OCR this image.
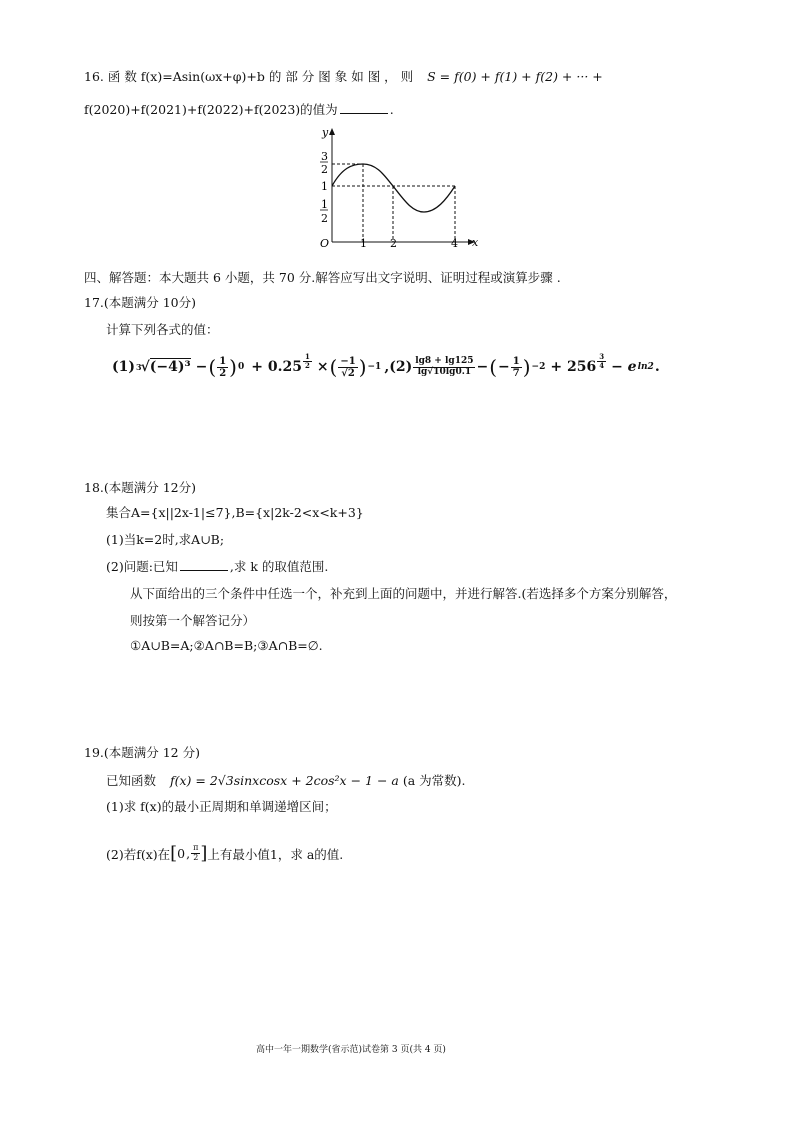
16. 函 数 f(x)=Asin(ωx+φ)+b 的 部 分 图 象 如 图 ， 则 S = f(0) + f(1) + f(2) + ··· +
f(2020)+f(2021)+f(2022)+f(2023)的值为	.
y
x
O
3
2
1
1
2
1 2	4
四、解答题：本大题共 6 小题，共 70 分.解答应写出文字说明、证明过程或演算步骤 .
17.(本题满分 10分)
计算下列各式的值：
(1) 3 √(−4)³ − ( $\frac{1}{2}$ ) $0 + 0.25 \frac{1}{2}$ × ( $\frac{-1}{√2}$ ) −1 $,(2) \frac{\lg 8 + \lg 125}{\lg√10\lg 0.1}$ − ( − $\frac{1}{7}$ ) $-2 + 256 \frac{3}{4} - e$ ln2 .
18.(本题满分 12分)
集合A={x||2x-1|≤7},B={x|2k-2<x<k+3}
(1)当k=2时,求A∪B;
(2)问题:已知	,求 k 的取值范围.
从下面给出的三个条件中任选一个，补充到上面的问题中，并进行解答.(若选择多个方案分别解答，
则按第一个解答记分）
①A∪B=A;②A∩B=B;③A∩B=∅.
19.(本题满分 12 分)
已知函数 f(x) = 2√3sinxcosx + 2cos²x − 1 − a (a 为常数).
(1)求 f(x)的最小正周期和单调递增区间；
(2)若f(x)在 [ 0 , $\frac{\pi}{2}$ ] 上有最小值1，求 a的值.
高中一年一期数学(省示范)试卷第 3 页(共 4 页)
